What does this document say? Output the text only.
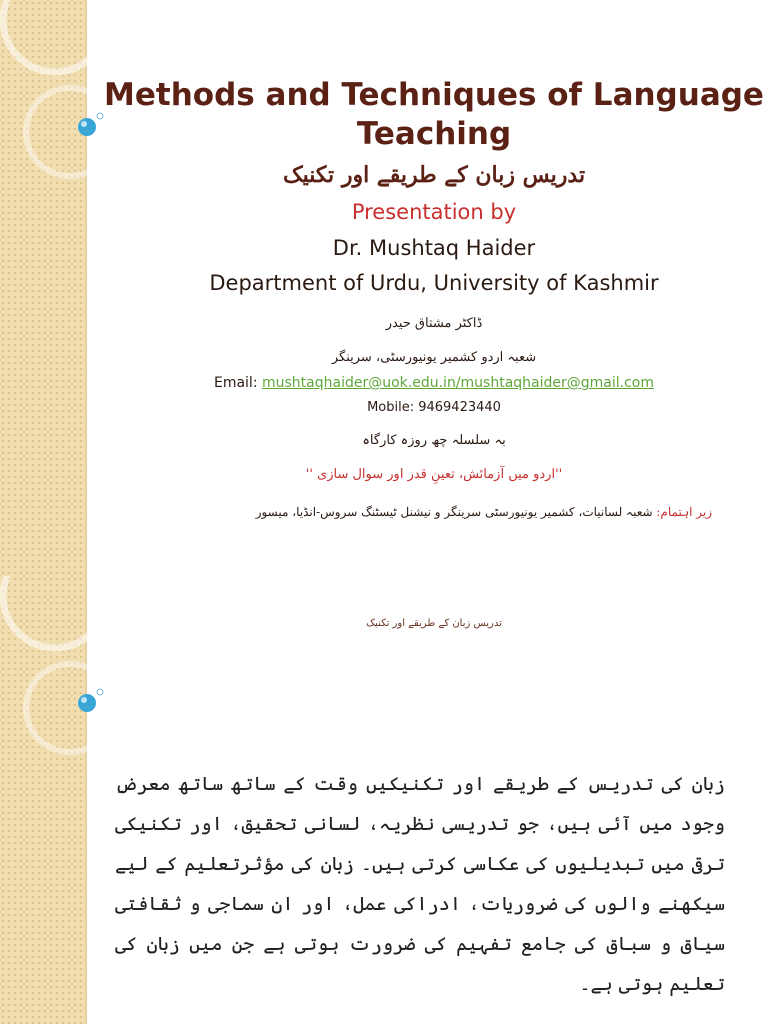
Methods and Techniques of Language Teaching

تدریس زبان کے طریقے اور تکنیک

Presentation by

Dr. Mushtaq Haider

Department of Urdu, University of Kashmir

ڈاکٹر مشتاق حیدر

شعبہ اردو کشمیر یونیورسٹی، سرینگر

Email: mushtaqhaider@uok.edu.in/mushtaqhaider@gmail.com

Mobile: 9469423440

بہ سلسلہ چھ روزہ کارگاہ

''اردو میں آزمائش، تعینِ قدر اور سوال سازی ''

زیر اہتمام: شعبہ لسانیات، کشمیر یونیورسٹی سرینگر و نیشنل ٹیسٹنگ سروس-انڈیا، میسور

تدریس زبان کے طریقے اور تکنیک

زبان کی تدریس کے طریقے اور تکنیکیں وقت کے ساتھ ساتھ معرضِ وجود میں آئی ہیں، جو تدریسی نظریہ، لسانی تحقیق، اور تکنیکی ترقی میں تبدیلیوں کی عکاسی کرتی ہیں۔ زبان کی مؤثرتعلیم کے لیے سیکھنے والوں کی ضروریات، ادراکی عمل، اور ان سماجی و ثقافتی سیاق و سباق کی جامع تفہیم کی ضرورت ہوتی ہے جن میں زبان کی تعلیم ہوتی ہے۔
